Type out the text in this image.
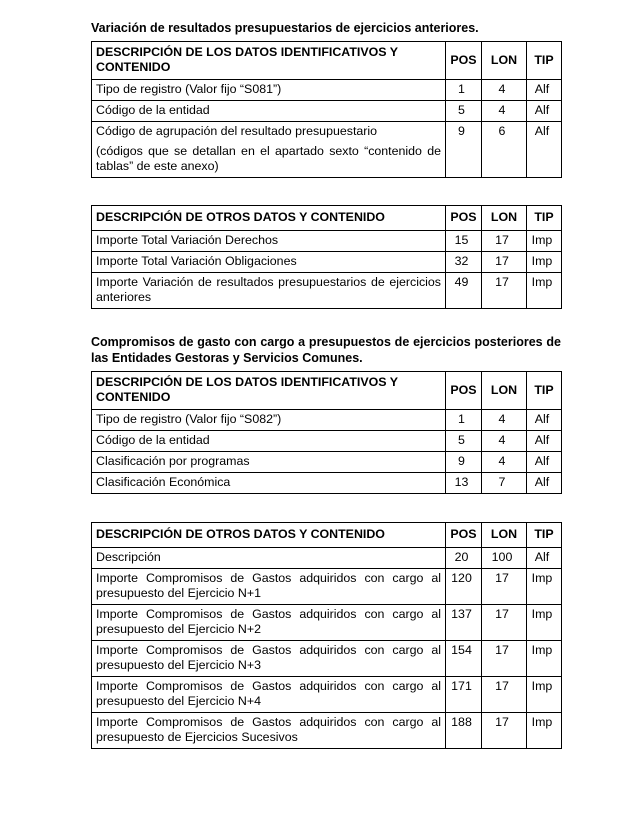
Variación de resultados presupuestarios de ejercicios anteriores.
DESCRIPCIÓN DE LOS DATOS IDENTIFICATIVOS Y CONTENIDO	POS	LON	TIP
Tipo de registro (Valor fijo “S081”)	1	4	Alf
Código de la entidad	5	4	Alf

Código de agrupación del resultado presupuestario

(códigos que se detallan en el apartado sexto “contenido de tablas” de este anexo)	9	6	Alf
DESCRIPCIÓN DE OTROS DATOS Y CONTENIDO	POS	LON	TIP
Importe Total Variación Derechos	15	17	Imp
Importe Total Variación Obligaciones	32	17	Imp
Importe Variación de resultados presupuestarios de ejercicios anteriores	49	17	Imp
Compromisos de gasto con cargo a presupuestos de ejercicios posteriores de las Entidades Gestoras y Servicios Comunes.
DESCRIPCIÓN DE LOS DATOS IDENTIFICATIVOS Y CONTENIDO	POS	LON	TIP
Tipo de registro (Valor fijo “S082”)	1	4	Alf
Código de la entidad	5	4	Alf
Clasificación por programas	9	4	Alf
Clasificación Económica	13	7	Alf
DESCRIPCIÓN DE OTROS DATOS Y CONTENIDO	POS	LON	TIP
Descripción	20	100	Alf
Importe Compromisos de Gastos adquiridos con cargo al presupuesto del Ejercicio N+1	120	17	Imp
Importe Compromisos de Gastos adquiridos con cargo al presupuesto del Ejercicio N+2	137	17	Imp
Importe Compromisos de Gastos adquiridos con cargo al presupuesto del Ejercicio N+3	154	17	Imp
Importe Compromisos de Gastos adquiridos con cargo al presupuesto del Ejercicio N+4	171	17	Imp
Importe Compromisos de Gastos adquiridos con cargo al presupuesto de Ejercicios Sucesivos	188	17	Imp
